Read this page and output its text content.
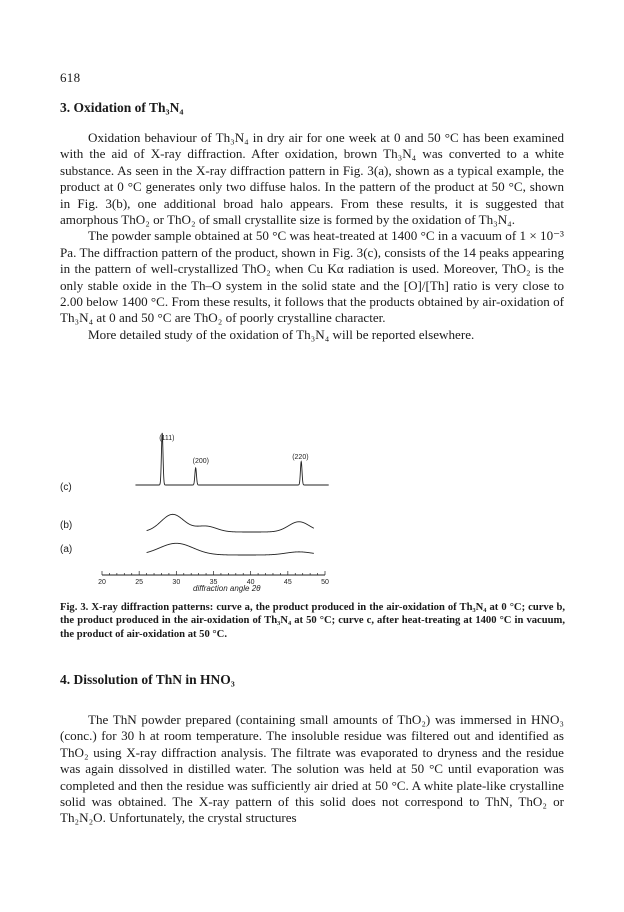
618
3. Oxidation of Th₃N₄

Oxidation behaviour of Th₃N₄ in dry air for one week at 0 and 50 °C has been examined with the aid of X-ray diffraction. After oxidation, brown Th₃N₄ was converted to a white substance. As seen in the X-ray diffraction pattern in Fig. 3(a), shown as a typical example, the product at 0 °C generates only two diffuse halos. In the pattern of the product at 50 °C, shown in Fig. 3(b), one additional broad halo appears. From these results, it is suggested that amorphous ThO₂ or ThO₂ of small crystallite size is formed by the oxidation of Th₃N₄.

The powder sample obtained at 50 °C was heat-treated at 1400 °C in a vacuum of 1 × 10⁻³ Pa. The diffraction pattern of the product, shown in Fig. 3(c), consists of the 14 peaks appearing in the pattern of well-crystallized ThO₂ when Cu Kα radiation is used. Moreover, ThO₂ is the only stable oxide in the Th–O system in the solid state and the [O]/[Th] ratio is very close to 2.00 below 1400 °C. From these results, it follows that the products obtained by air-oxidation of Th₃N₄ at 0 and 50 °C are ThO₂ of poorly crystalline character.

More detailed study of the oxidation of Th₃N₄ will be reported elsewhere.

(c)
(b)
(a)
(111)
(200)
(220)
20	25	30	35	40	45	50
diffraction angle 2θ
Fig. 3. X-ray diffraction patterns: curve a, the product produced in the air-oxidation of Th₃N₄ at 0 °C; curve b, the product produced in the air-oxidation of Th₃N₄ at 50 °C; curve c, after heat-treating at 1400 °C in vacuum, the product of air-oxidation at 50 °C.
4. Dissolution of ThN in HNO₃

The ThN powder prepared (containing small amounts of ThO₂) was immersed in HNO₃ (conc.) for 30 h at room temperature. The insoluble residue was filtered out and identified as ThO₂ using X-ray diffraction analysis. The filtrate was evaporated to dryness and the residue was again dissolved in distilled water. The solution was held at 50 °C until evaporation was completed and then the residue was sufficiently air dried at 50 °C. A white plate-like crystalline solid was obtained. The X-ray pattern of this solid does not correspond to ThN, ThO₂ or Th₂N₂O. Unfortunately, the crystal structures
